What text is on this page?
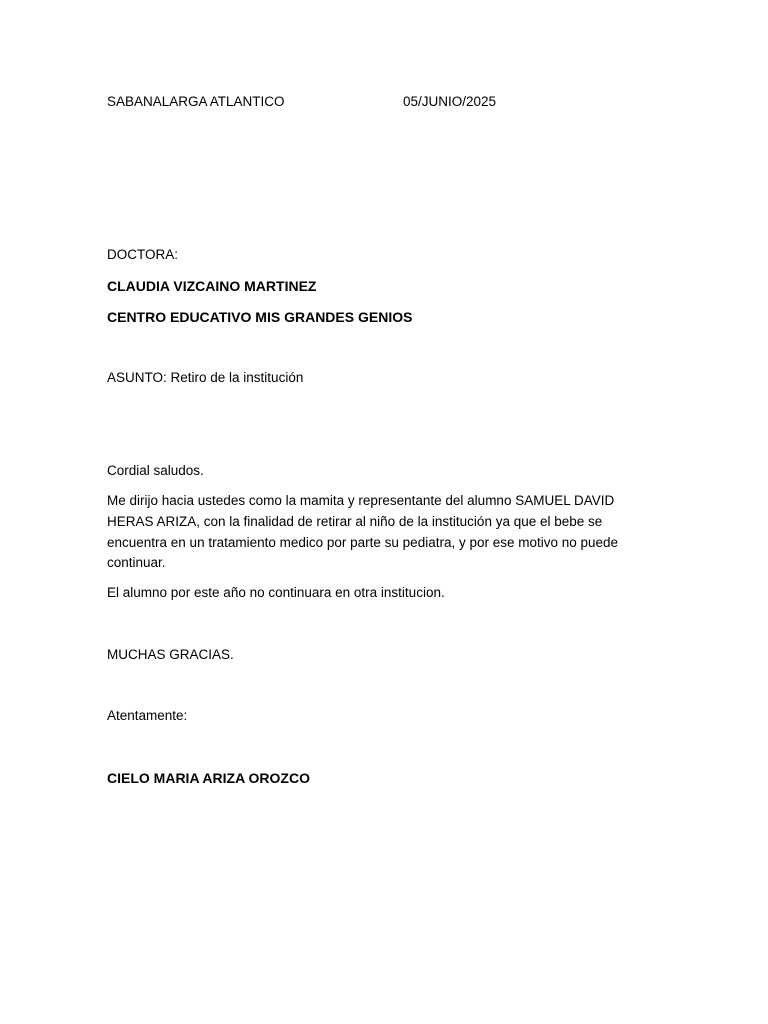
SABANALARGA ATLANTICO	05/JUNIO/2025
DOCTORA:
CLAUDIA VIZCAINO MARTINEZ
CENTRO EDUCATIVO MIS GRANDES GENIOS
ASUNTO: Retiro de la institución
Cordial saludos.
Me dirijo hacia ustedes como la mamita y representante del alumno SAMUEL DAVID HERAS ARIZA, con la finalidad de retirar al niño de la institución ya que el bebe se encuentra en un tratamiento medico por parte su pediatra, y por ese motivo no puede continuar.
El alumno por este año no continuara en otra institucion.
MUCHAS GRACIAS.
Atentamente:
CIELO MARIA ARIZA OROZCO
